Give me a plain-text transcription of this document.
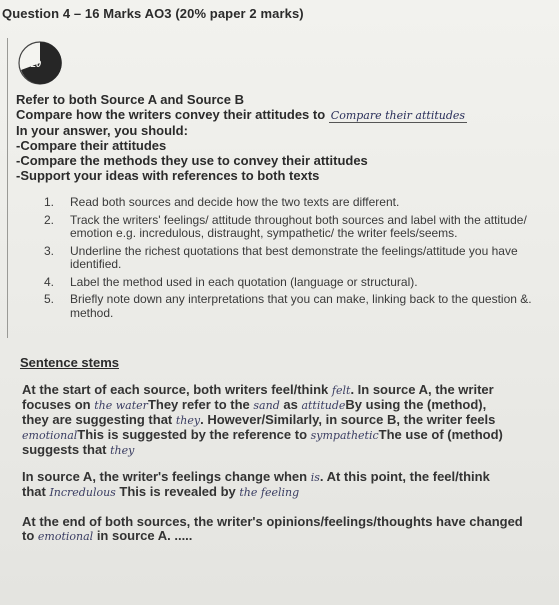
Question 4 – 16 Marks AO3 (20% paper 2 marks)
20
Refer to both Source A and Source B
Compare how the writers convey their attitudes to Compare their attitudes
In your answer, you should:
-Compare their attitudes
-Compare the methods they use to convey their attitudes
-Support your ideas with references to both texts
1.	Read both sources and decide how the two texts are different.
2.	Track the writers' feelings/ attitude throughout both sources and label with the attitude/ emotion e.g. incredulous, distraught, sympathetic/ the writer feels/seems.
3.	Underline the richest quotations that best demonstrate the feelings/attitude you have identified.
4.	Label the method used in each quotation (language or structural).
5.	Briefly note down any interpretations that you can make, linking back to the question &. method.
Sentence stems
At the start of each source, both writers feel/think felt. In source A, the writer
focuses on the waterThey refer to the sand as attitudeBy using the (method),
they are suggesting that they. However/Similarly, in source B, the writer feels
emotionalThis is suggested by the reference to sympatheticThe use of (method)
suggests that they
In source A, the writer's feelings change when is. At this point, the feel/think
that Incredulous This is revealed by the feeling
At the end of both sources, the writer's opinions/feelings/thoughts have changed
to emotional in source A. .....
